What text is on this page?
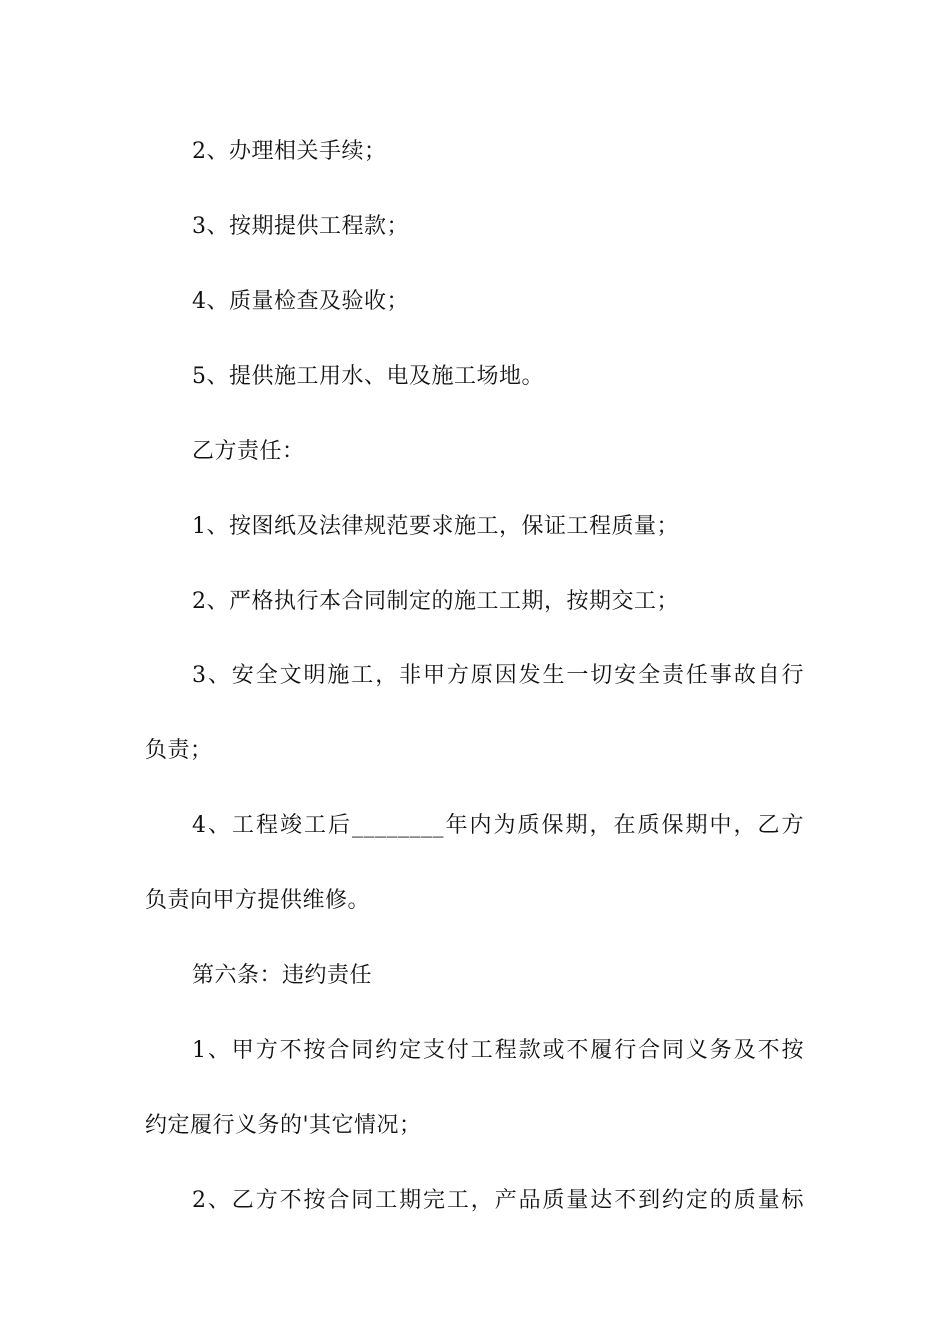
2、办理相关手续；
3、按期提供工程款；
4、质量检查及验收；
5、提供施工用水、电及施工场地。
乙方责任：
1、按图纸及法律规范要求施工，保证工程质量；
2、严格执行本合同制定的施工工期，按期交工；
3、安全文明施工，非甲方原因发生一切安全责任事故自行
负责；
4、工程竣工后________年内为质保期，在质保期中，乙方
负责向甲方提供维修。
第六条：违约责任
1、甲方不按合同约定支付工程款或不履行合同义务及不按
约定履行义务的'其它情况；
2、乙方不按合同工期完工，产品质量达不到约定的质量标
